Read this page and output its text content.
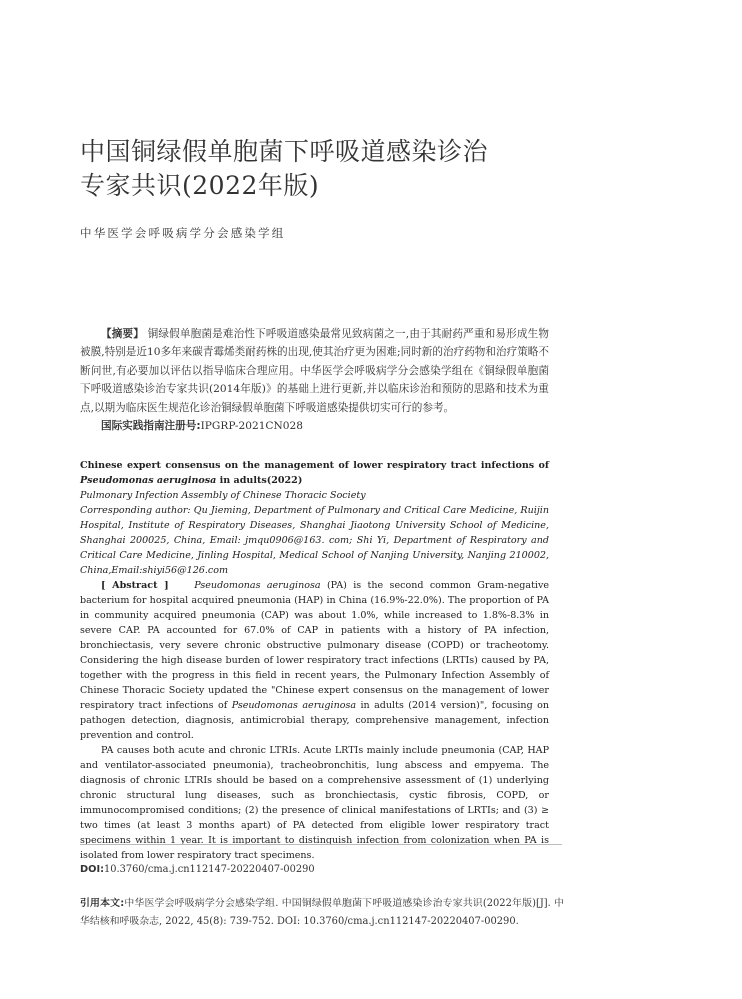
中国铜绿假单胞菌下呼吸道感染诊治
专家共识(2022年版)
中华医学会呼吸病学分会感染学组

【摘要】 铜绿假单胞菌是难治性下呼吸道感染最常见致病菌之一,由于其耐药严重和易形成生物被膜,特别是近10多年来碳青霉烯类耐药株的出现,使其治疗更为困难;同时新的治疗药物和治疗策略不断问世,有必要加以评估以指导临床合理应用。中华医学会呼吸病学分会感染学组在《铜绿假单胞菌下呼吸道感染诊治专家共识(2014年版)》的基础上进行更新,并以临床诊治和预防的思路和技术为重点,以期为临床医生规范化诊治铜绿假单胞菌下呼吸道感染提供切实可行的参考。

国际实践指南注册号:IPGRP-2021CN028

Chinese expert consensus on the management of lower respiratory tract infections of Pseudomonas aeruginosa in adults(2022)

Pulmonary Infection Assembly of Chinese Thoracic Society

Corresponding author: Qu Jieming, Department of Pulmonary and Critical Care Medicine, Ruijin Hospital, Institute of Respiratory Diseases, Shanghai Jiaotong University School of Medicine, Shanghai 200025, China, Email: jmqu0906@163. com; Shi Yi, Department of Respiratory and Critical Care Medicine, Jinling Hospital, Medical School of Nanjing University, Nanjing 210002, China,Email:shiyi56@126.com

[ Abstract ]	Pseudomonas aeruginosa (PA) is the second common Gram-negative bacterium for hospital acquired pneumonia (HAP) in China (16.9%-22.0%). The proportion of PA in community acquired pneumonia (CAP) was about 1.0%, while increased to 1.8%-8.3% in severe CAP. PA accounted for 67.0% of CAP in patients with a history of PA infection, bronchiectasis, very severe chronic obstructive pulmonary disease (COPD) or tracheotomy. Considering the high disease burden of lower respiratory tract infections (LRTIs) caused by PA, together with the progress in this field in recent years, the Pulmonary Infection Assembly of Chinese Thoracic Society updated the "Chinese expert consensus on the management of lower respiratory tract infections of Pseudomonas aeruginosa in adults (2014 version)", focusing on pathogen detection, diagnosis, antimicrobial therapy, comprehensive management, infection prevention and control.

PA causes both acute and chronic LTRIs. Acute LRTIs mainly include pneumonia (CAP, HAP and ventilator-associated pneumonia), tracheobronchitis, lung abscess and empyema. The diagnosis of chronic LTRIs should be based on a comprehensive assessment of (1) underlying chronic structural lung diseases, such as bronchiectasis, cystic fibrosis, COPD, or immunocompromised conditions; (2) the presence of clinical manifestations of LRTIs; and (3) ≥ two times (at least 3 months apart) of PA detected from eligible lower respiratory tract specimens within 1 year. It is important to distinguish infection from colonization when PA is isolated from lower respiratory tract specimens.

DOI:10.3760/cma.j.cn112147-20220407-00290
引用本文:中华医学会呼吸病学分会感染学组. 中国铜绿假单胞菌下呼吸道感染诊治专家共识(2022年版)[J]. 中华结核和呼吸杂志, 2022, 45(8): 739-752. DOI: 10.3760/cma.j.cn112147-20220407-00290.
